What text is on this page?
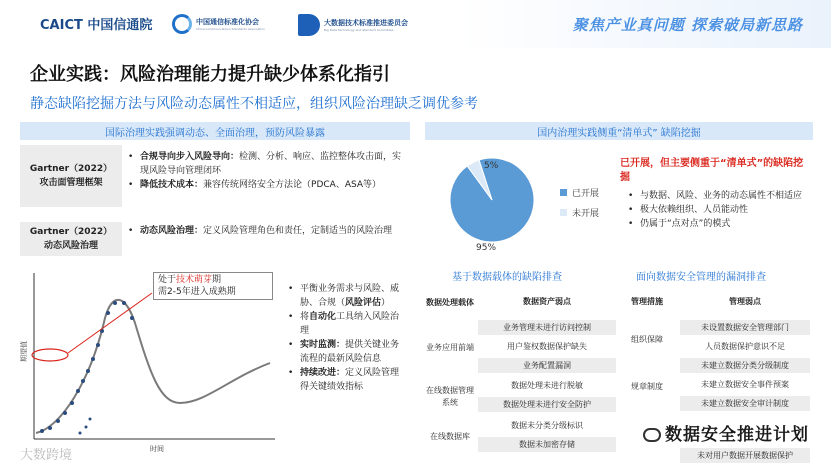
CAICT 中国信通院	中国通信标准化协会
China Communications Standards Association
大数据技术标准推进委员会
Big Data Technology and Standard Committee	聚焦产业真问题 探索破局新思路
企业实践：风险治理能力提升缺少体系化指引
静态缺陷挖掘方法与风险动态属性不相适应，组织风险治理缺乏调优参考
国际治理实践强调动态、全面治理，预防风险暴露
Gartner（2022）
攻击面管理框架
• 合规导向步入风险导向：检测、分析、响应、监控整体攻击面，实现风险导向管理闭环
• 降低技术成本：兼容传统网络安全方法论（PDCA、ASA等）
Gartner（2022）
动态风险治理
• 动态风险治理：定义风险管理角色和责任，定制适当的风险治理
期望值
时间
处于技术萌芽期
需2-5年进入成熟期
•	平衡业务需求与风险、威胁、合规（风险评估）
• 将自动化工具纳入风险治理
• 实时监测：提供关键业务流程的最新风险信息
• 持续改进：定义风险管理得关键绩效指标
国内治理实践侧重“清单式” 缺陷挖掘
95%
5%
已开展
未开展
已开展，但主要侧重于“清单式”的缺陷挖掘
• 与数据、风险、业务的动态属性不相适应
• 极大依赖组织、人员能动性
• 仍属于“点对点”的模式
基于数据载体的缺陷排查
数据处理载体	数据资产弱点
业务应用前端
业务管理未进行访问控制
用户鉴权数据保护缺失
业务配置漏洞
在线数据管理系统
数据处理未进行脱敏
数据处理未进行安全防护
在线数据库
数据未分类分级标识
数据未加密存储
面向数据安全管理的漏洞排查
管理措施	管理弱点
组织保障
未设置数据安全管理部门
人员数据保护意识不足
规章制度
未建立数据分类分级制度
未建立数据安全事件预案
未建立数据安全审计制度
未对用户数据开展数据保护
数据安全推进计划
大数跨境
